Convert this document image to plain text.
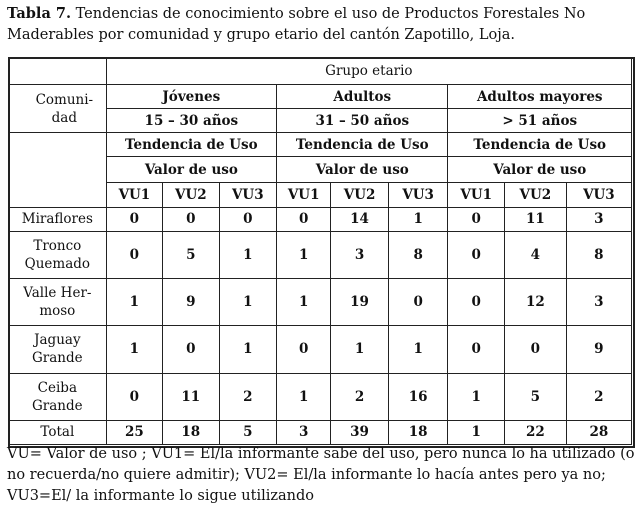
Tabla 7. Tendencias de conocimiento sobre el uso de Productos Forestales No Maderables por comunidad y grupo etario del cantón Zapotillo, Loja.
	Grupo etario								
Comuni-
dad	Jóvenes			Adultos			Adultos mayores		
	15 – 30 años			31 – 50 años			> 51 años		
	Tendencia de Uso			Tendencia de Uso			Tendencia de Uso		
	Valor de uso			Valor de uso			Valor de uso		
	VU1	VU2	VU3	VU1	VU2	VU3	VU1	VU2	VU3
Miraflores	0	0	0	0	14	1	0	11	3
Tronco
Quemado	0	5	1	1	3	8	0	4	8
Valle Her-
moso	1	9	1	1	19	0	0	12	3
Jaguay
Grande	1	0	1	0	1	1	0	0	9
Ceiba
Grande	0	11	2	1	2	16	1	5	2
Total	25	18	5	3	39	18	1	22	28
VU= Valor de uso ; VU1= El/la informante sabe del uso, pero nunca lo ha utilizado (o no recuerda/no quiere admitir); VU2= El/la informante lo hacía antes pero ya no; VU3=El/ la informante lo sigue utilizando
